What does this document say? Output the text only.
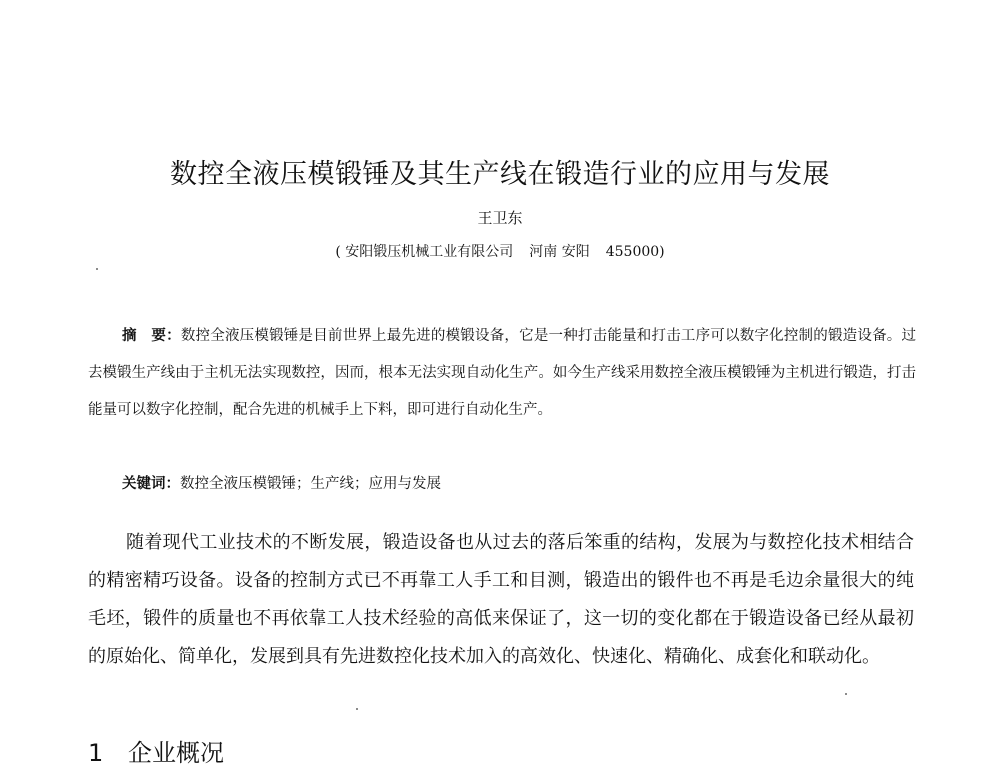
数控全液压模锻锤及其生产线在锻造行业的应用与发展
王卫东
( 安阳锻压机械工业有限公司 河南 安阳 455000)
摘　要：数控全液压模锻锤是目前世界上最先进的模锻设备，它是一种打击能量和打击工序可以数字化控制的锻造设备。过去模锻生产线由于主机无法实现数控，因而，根本无法实现自动化生产。如今生产线采用数控全液压模锻锤为主机进行锻造，打击能量可以数字化控制，配合先进的机械手上下料，即可进行自动化生产。
关键词：数控全液压模锻锤；生产线；应用与发展
随着现代工业技术的不断发展，锻造设备也从过去的落后笨重的结构，发展为与数控化技术相结合的精密精巧设备。设备的控制方式已不再靠工人手工和目测，锻造出的锻件也不再是毛边余量很大的纯毛坯，锻件的质量也不再依靠工人技术经验的高低来保证了，这一切的变化都在于锻造设备已经从最初的原始化、简单化，发展到具有先进数控化技术加入的高效化、快速化、精确化、成套化和联动化。
1 企业概况
